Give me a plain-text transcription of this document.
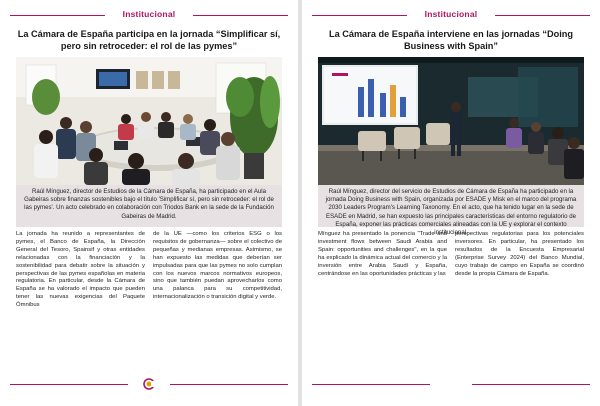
Institucional
La Cámara de España participa en la jornada “Simplificar sí, pero sin retroceder: el rol de las pymes”
Raúl Mínguez, director de Estudios de la Cámara de España, ha participado en el Aula Gabeiras sobre finanzas sostenibles bajo el título 'Simplificar sí, pero sin retroceder: el rol de las pymes'. Un acto celebrado en colaboración con Triodos Bank en la sede de la Fundación Gabeiras de Madrid.

La jornada ha reunido a representantes de pymes, el Banco de España, la Dirección General del Tesoro, Spainsif y otras entidades relacionadas con la financiación y la sostenibilidad para debatir sobre la situación y perspectivas de las pymes españolas en materia regulatoria. En particular, desde la Cámara de España se ha valorado el impacto que pueden tener las nuevas exigencias del Paquete Ómnibus

de la UE —como los criterios ESG o los requisitos de gobernanza— sobre el colectivo de pequeñas y medianas empresas. Asimismo, se han expuesto las medidas que deberían ser impulsadas para que las pymes no solo cumplan con los nuevos marcos normativos europeos, sino que también puedan aprovecharlos como una palanca para su competitividad, internacionalización o transición digital y verde.

Institucional
La Cámara de España interviene en las jornadas “Doing Business with Spain”
Raúl Mínguez, director del servicio de Estudios de Cámara de España ha participado en la jornada Doing Business with Spain, organizada por ESADE y Misk en el marco del programa 2030 Leaders Program's Learning Taxonomy. En el acto, que ha tenido lugar en la sede de ESADE en Madrid, se han expuesto las principales características del entorno regulatorio de España, exponer las prácticas comerciales alineadas con la UE y explorar el contexto institucional.

Mínguez ha presentado la ponencia "Trade and investment flows between Saudi Arabia and Spain: opportunities and challenges", en la que ha explicado la dinámica actual del comercio y la inversión entre Arabia Saudí y España, centrándose en las oportunidades prácticas y las

perspectivas regulatorias para los potenciales inversores. En particular, ha presentado los resultados de la Encuesta Empresarial (Enterprise Survey 2024) del Banco Mundial, cuyo trabajo de campo en España se coordinó desde la propia Cámara de España.
